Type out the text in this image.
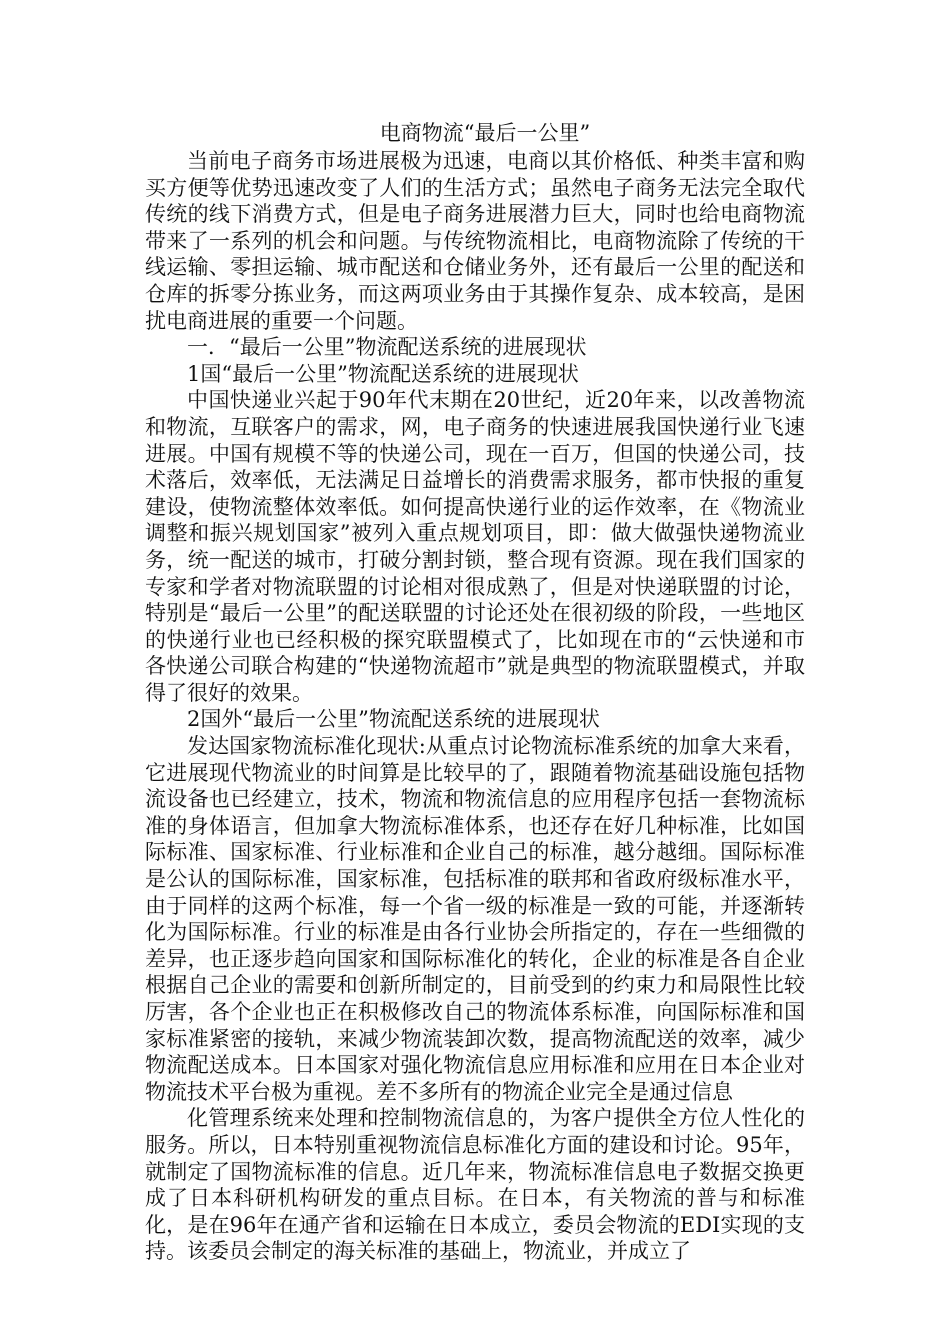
电商物流“最后一公里”

当前电子商务市场进展极为迅速，电商以其价格低、种类丰富和购买方便等优势迅速改变了人们的生活方式；虽然电子商务无法完全取代传统的线下消费方式，但是电子商务进展潜力巨大，同时也给电商物流带来了一系列的机会和问题。与传统物流相比，电商物流除了传统的干线运输、零担运输、城市配送和仓储业务外，还有最后一公里的配送和仓库的拆零分拣业务，而这两项业务由于其操作复杂、成本较高，是困扰电商进展的重要一个问题。

一．“最后一公里”物流配送系统的进展现状

1国“最后一公里”物流配送系统的进展现状

中国快递业兴起于90年代末期在20世纪，近20年来，以改善物流和物流，互联客户的需求，网，电子商务的快速进展我国快递行业飞速进展。中国有规模不等的快递公司，现在一百万，但国的快递公司，技术落后，效率低，无法满足日益增长的消费需求服务，都市快报的重复建设，使物流整体效率低。如何提高快递行业的运作效率，在《物流业调整和振兴规划国家”被列入重点规划项目，即：做大做强快递物流业务，统一配送的城市，打破分割封锁，整合现有资源。现在我们国家的专家和学者对物流联盟的讨论相对很成熟了，但是对快递联盟的讨论，特别是“最后一公里”的配送联盟的讨论还处在很初级的阶段，一些地区的快递行业也已经积极的探究联盟模式了，比如现在市的“云快递和市各快递公司联合构建的“快递物流超市”就是典型的物流联盟模式，并取得了很好的效果。

2国外“最后一公里”物流配送系统的进展现状

发达国家物流标准化现状:从重点讨论物流标准系统的加拿大来看，它进展现代物流业的时间算是比较早的了，跟随着物流基础设施包括物流设备也已经建立，技术，物流和物流信息的应用程序包括一套物流标准的身体语言，但加拿大物流标准体系，也还存在好几种标准，比如国际标准、国家标准、行业标准和企业自己的标准，越分越细。国际标准是公认的国际标准，国家标准，包括标准的联邦和省政府级标准水平，由于同样的这两个标准，每一个省一级的标准是一致的可能，并逐渐转化为国际标准。行业的标准是由各行业协会所指定的，存在一些细微的差异，也正逐步趋向国家和国际标准化的转化，企业的标准是各自企业根据自己企业的需要和创新所制定的，目前受到的约束力和局限性比较厉害，各个企业也正在积极修改自己的物流体系标准，向国际标准和国家标准紧密的接轨，来减少物流装卸次数，提高物流配送的效率，减少物流配送成本。日本国家对强化物流信息应用标准和应用在日本企业对物流技术平台极为重视。差不多所有的物流企业完全是通过信息

化管理系统来处理和控制物流信息的，为客户提供全方位人性化的服务。所以，日本特别重视物流信息标准化方面的建设和讨论。95年，就制定了国物流标准的信息。近几年来，物流标准信息电子数据交换更成了日本科研机构研发的重点目标。在日本，有关物流的普与和标准化，是在96年在通产省和运输在日本成立，委员会物流的EDI实现的支持。该委员会制定的海关标准的基础上，物流业，并成立了
